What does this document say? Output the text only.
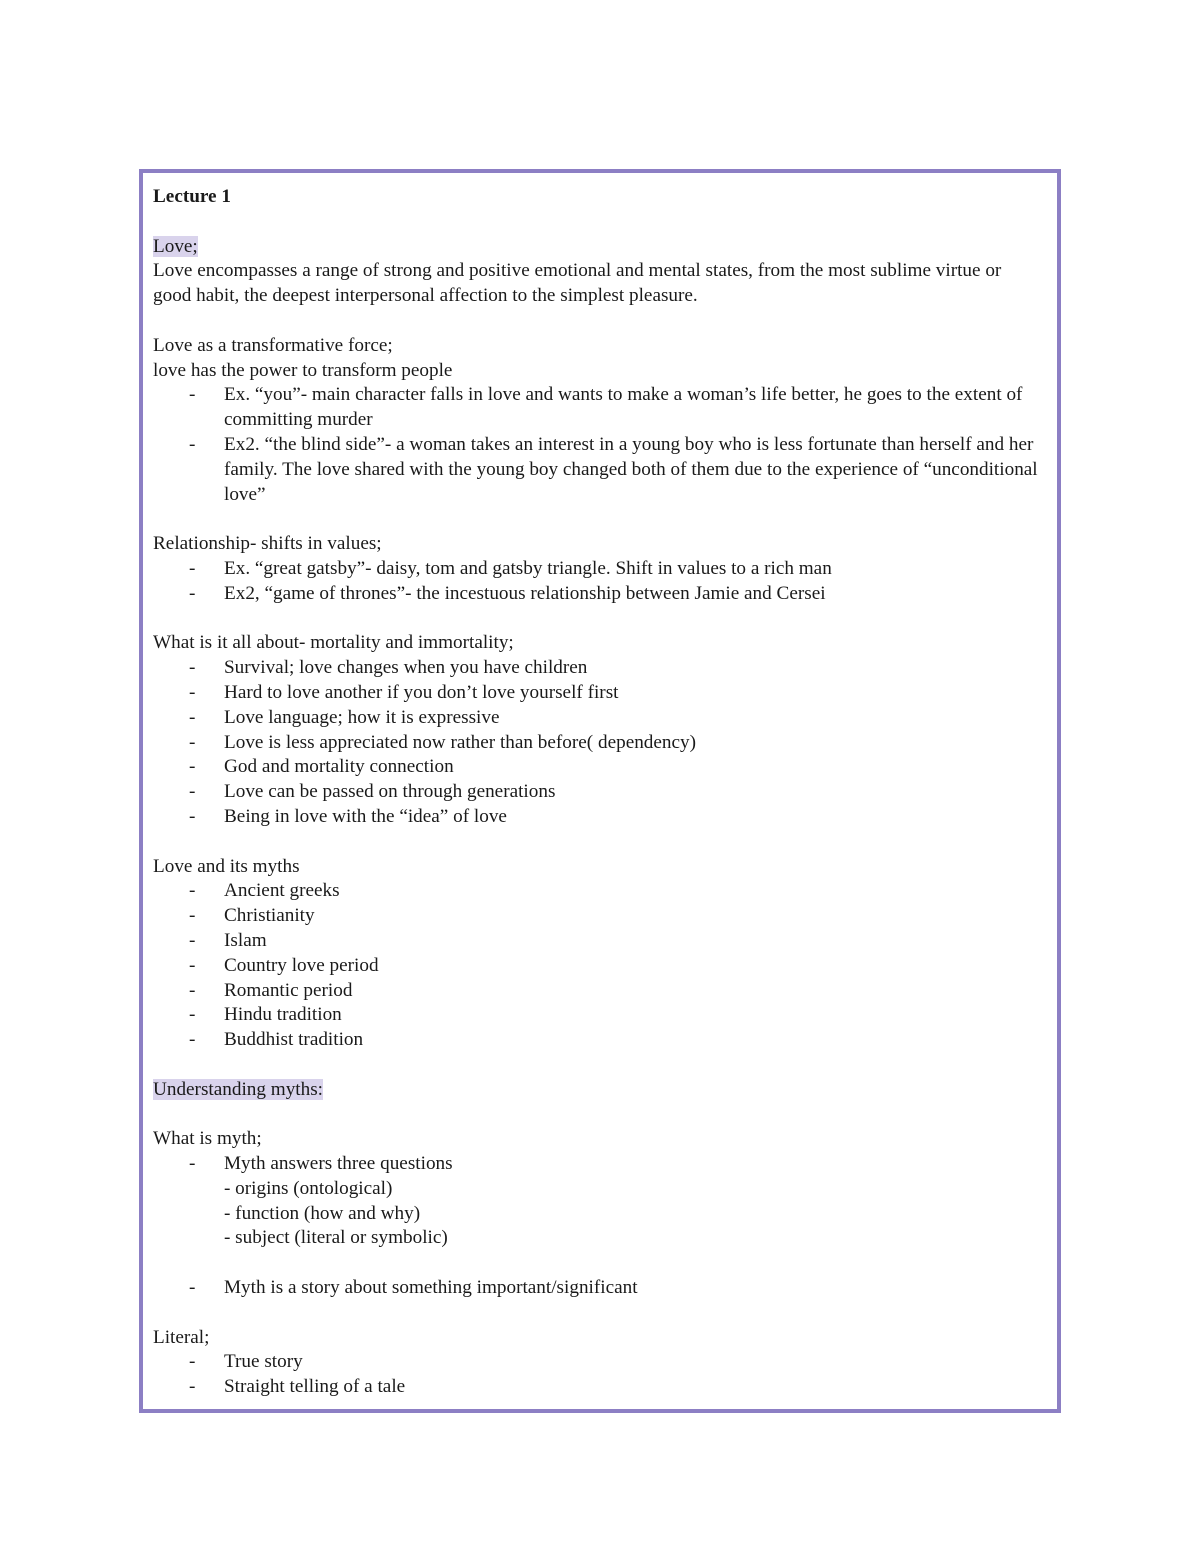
Lecture 1

Love;

Love encompasses a range of strong and positive emotional and mental states, from the most sublime virtue or good habit, the deepest interpersonal affection to the simplest pleasure.

Love as a transformative force;

love has the power to transform people

- Ex. “you”- main character falls in love and wants to make a woman’s life better, he goes to the extent of committing murder
- Ex2. “the blind side”- a woman takes an interest in a young boy who is less fortunate than herself and her family. The love shared with the young boy changed both of them due to the experience of “unconditional love”

Relationship- shifts in values;

- Ex. “great gatsby”- daisy, tom and gatsby triangle. Shift in values to a rich man
- Ex2, “game of thrones”- the incestuous relationship between Jamie and Cersei

What is it all about- mortality and immortality;

- Survival; love changes when you have children
- Hard to love another if you don’t love yourself first
- Love language; how it is expressive
- Love is less appreciated now rather than before( dependency)
- God and mortality connection
- Love can be passed on through generations
- Being in love with the “idea” of love

Love and its myths

- Ancient greeks
- Christianity
- Islam
- Country love period
- Romantic period
- Hindu tradition
- Buddhist tradition

Understanding myths:

What is myth;

- Myth answers three questions
- origins (ontological)
- function (how and why)
- subject (literal or symbolic)
- Myth is a story about something important/significant

Literal;

- True story
- Straight telling of a tale
